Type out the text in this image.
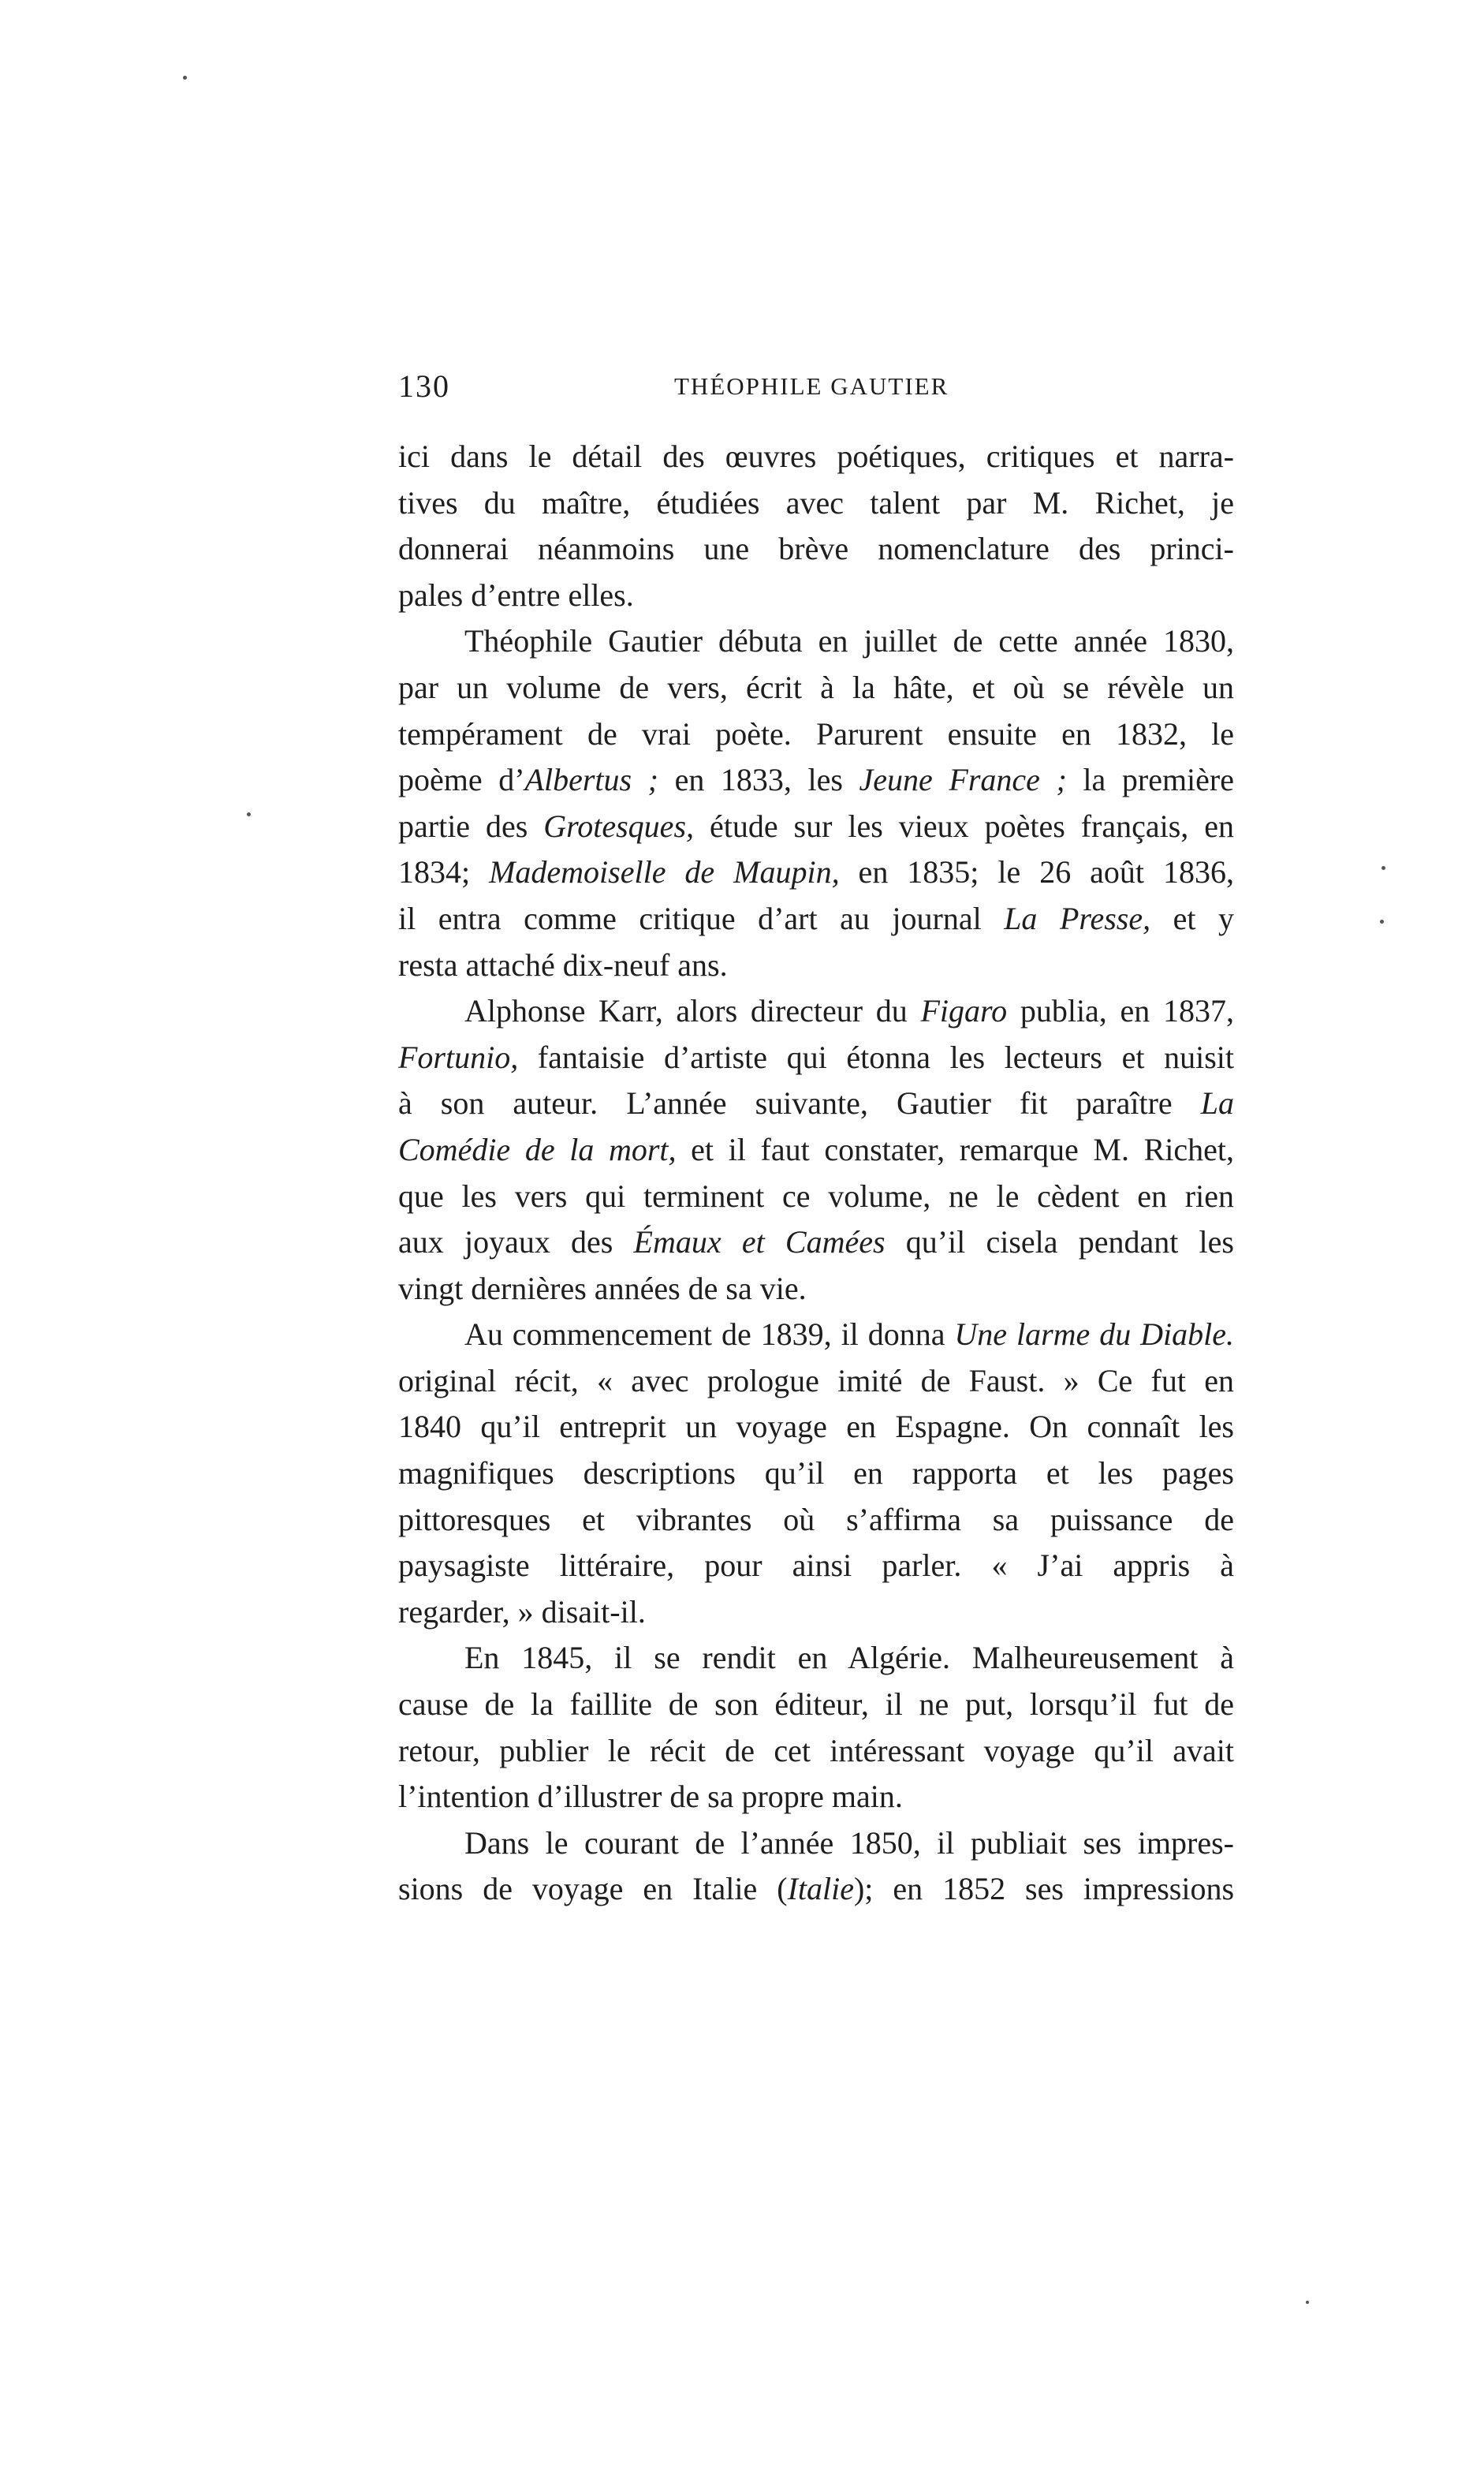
130	THÉOPHILE GAUTIER
ici dans le détail des œuvres poétiques, critiques et narra-
tives du maître, étudiées avec talent par M. Richet, je
donnerai néanmoins une brève nomenclature des princi-
pales d’entre elles.
Théophile Gautier débuta en juillet de cette année 1830,
par un volume de vers, écrit à la hâte, et où se révèle un
tempérament de vrai poète. Parurent ensuite en 1832, le
poème d’Albertus ; en 1833, les Jeune France ; la première
partie des Grotesques, étude sur les vieux poètes français, en
1834; Mademoiselle de Maupin, en 1835; le 26 août 1836,
il entra comme critique d’art au journal La Presse, et y
resta attaché dix-neuf ans.
Alphonse Karr, alors directeur du Figaro publia, en 1837,
Fortunio, fantaisie d’artiste qui étonna les lecteurs et nuisit
à son auteur. L’année suivante, Gautier fit paraître La
Comédie de la mort, et il faut constater, remarque M. Richet,
que les vers qui terminent ce volume, ne le cèdent en rien
aux joyaux des Émaux et Camées qu’il cisela pendant les
vingt dernières années de sa vie.
Au commencement de 1839, il donna Une larme du Diable.
original récit, « avec prologue imité de Faust. » Ce fut en
1840 qu’il entreprit un voyage en Espagne. On connaît les
magnifiques descriptions qu’il en rapporta et les pages
pittoresques et vibrantes où s’affirma sa puissance de
paysagiste littéraire, pour ainsi parler. « J’ai appris à
regarder, » disait-il.
En 1845, il se rendit en Algérie. Malheureusement à
cause de la faillite de son éditeur, il ne put, lorsqu’il fut de
retour, publier le récit de cet intéressant voyage qu’il avait
l’intention d’illustrer de sa propre main.
Dans le courant de l’année 1850, il publiait ses impres-
sions de voyage en Italie (Italie); en 1852 ses impressions
